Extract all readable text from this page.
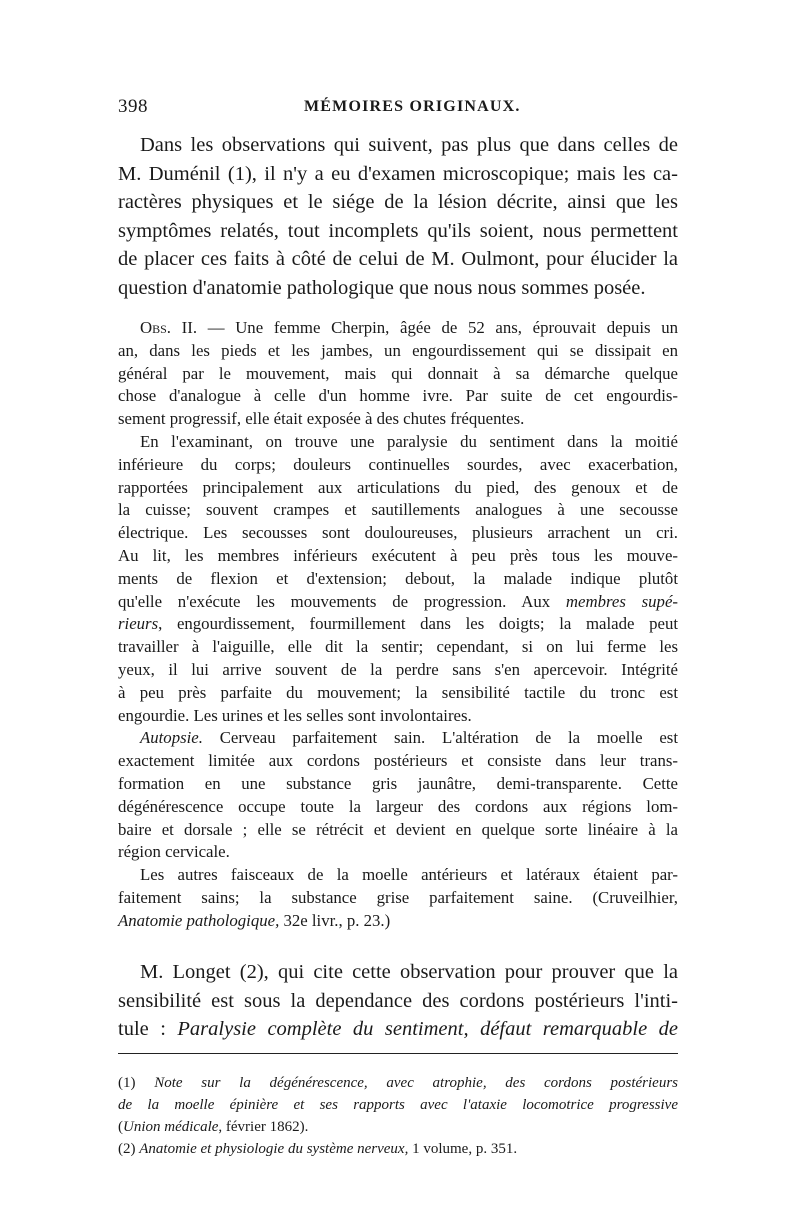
398	MÉMOIRES ORIGINAUX.
Dans les observations qui suivent, pas plus que dans celles de
M. Duménil (1), il n'y a eu d'examen microscopique; mais les ca-
ractères physiques et le siége de la lésion décrite, ainsi que les
symptômes relatés, tout incomplets qu'ils soient, nous permettent
de placer ces faits à côté de celui de M. Oulmont, pour élucider la
question d'anatomie pathologique que nous nous sommes posée.
Obs. II. — Une femme Cherpin, âgée de 52 ans, éprouvait depuis un
an, dans les pieds et les jambes, un engourdissement qui se dissipait en
général par le mouvement, mais qui donnait à sa démarche quelque
chose d'analogue à celle d'un homme ivre. Par suite de cet engourdis-
sement progressif, elle était exposée à des chutes fréquentes.
En l'examinant, on trouve une paralysie du sentiment dans la moitié
inférieure du corps; douleurs continuelles sourdes, avec exacerbation,
rapportées principalement aux articulations du pied, des genoux et de
la cuisse; souvent crampes et sautillements analogues à une secousse
électrique. Les secousses sont douloureuses, plusieurs arrachent un cri.
Au lit, les membres inférieurs exécutent à peu près tous les mouve-
ments de flexion et d'extension; debout, la malade indique plutôt
qu'elle n'exécute les mouvements de progression. Aux membres supé-
rieurs, engourdissement, fourmillement dans les doigts; la malade peut
travailler à l'aiguille, elle dit la sentir; cependant, si on lui ferme les
yeux, il lui arrive souvent de la perdre sans s'en apercevoir. Intégrité
à peu près parfaite du mouvement; la sensibilité tactile du tronc est
engourdie. Les urines et les selles sont involontaires.
Autopsie. Cerveau parfaitement sain. L'altération de la moelle est
exactement limitée aux cordons postérieurs et consiste dans leur trans-
formation en une substance gris jaunâtre, demi-transparente. Cette
dégénérescence occupe toute la largeur des cordons aux régions lom-
baire et dorsale ; elle se rétrécit et devient en quelque sorte linéaire à la
région cervicale.
Les autres faisceaux de la moelle antérieurs et latéraux étaient par-
faitement sains; la substance grise parfaitement saine. (Cruveilhier,
Anatomie pathologique, 32e livr., p. 23.)
M. Longet (2), qui cite cette observation pour prouver que la
sensibilité est sous la dependance des cordons postérieurs l'inti-
tule : Paralysie complète du sentiment, défaut remarquable de
(1) Note sur la dégénérescence, avec atrophie, des cordons postérieurs
de la moelle épinière et ses rapports avec l'ataxie locomotrice progressive
(Union médicale, février 1862).
(2) Anatomie et physiologie du système nerveux, 1 volume, p. 351.
